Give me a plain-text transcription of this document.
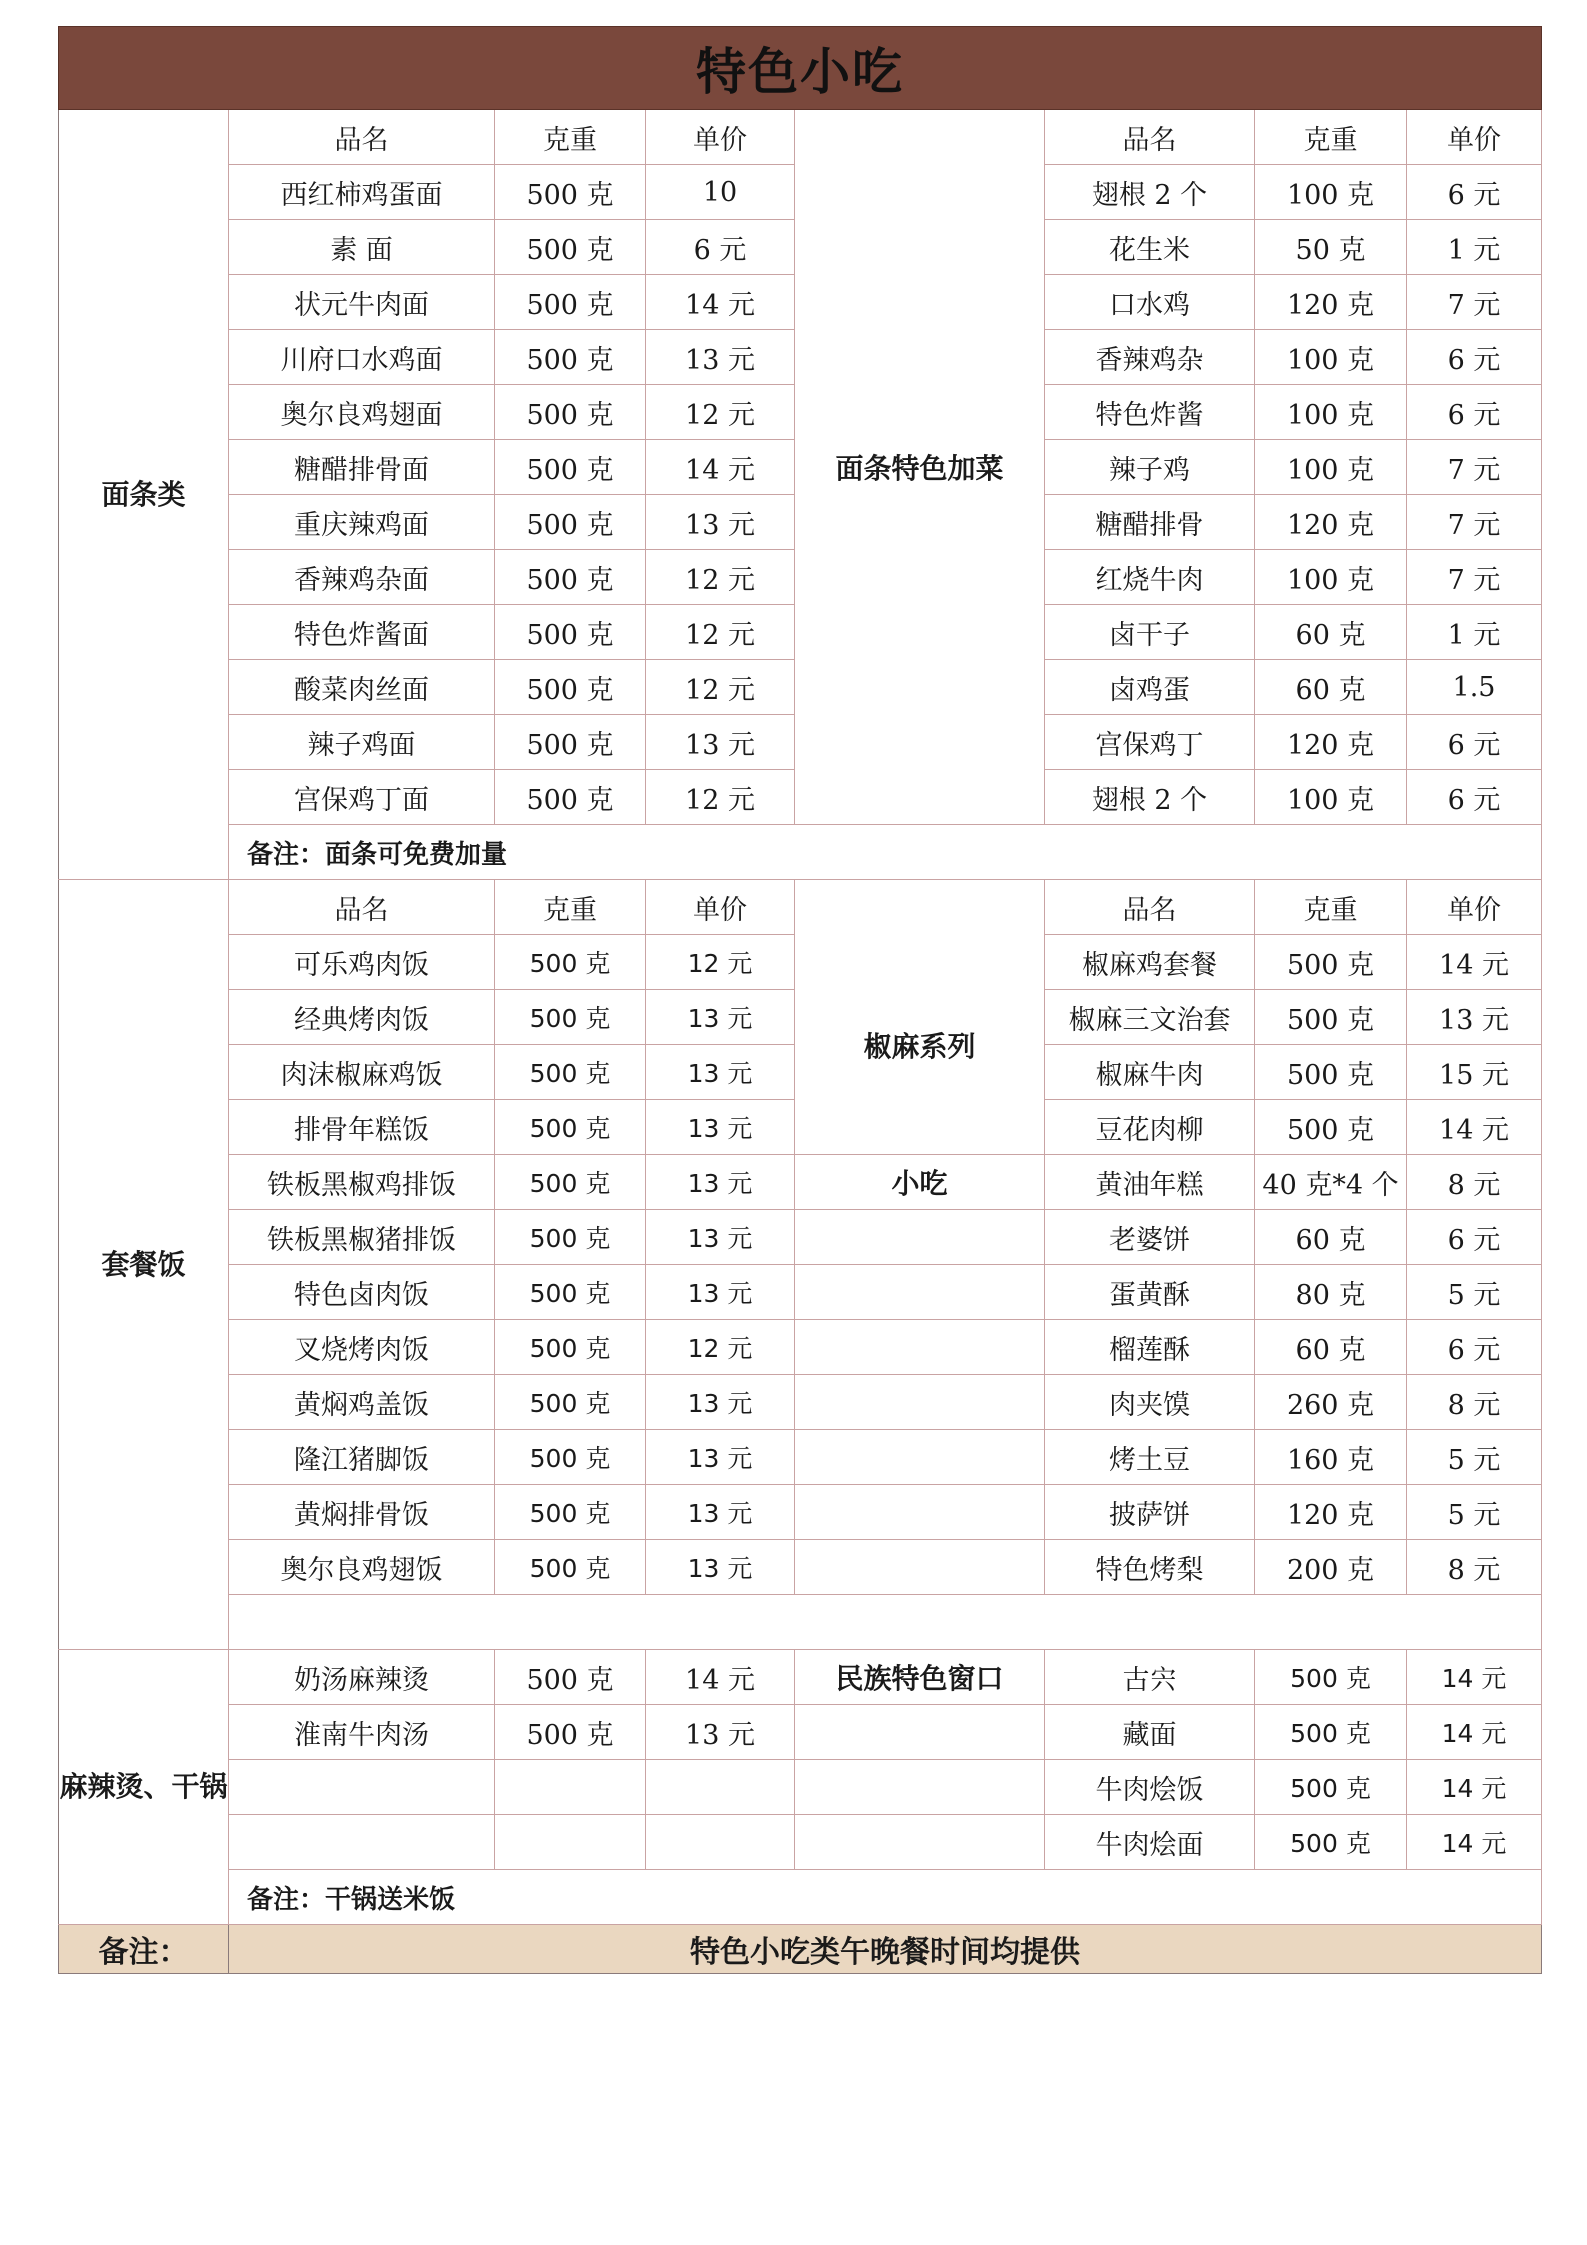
特色小吃							
面条类	品名	克重	单价	面条特色加菜	品名	克重	单价
	西红柿鸡蛋面	500 克	10		翅根 2 个	100 克	6 元
	素 面	500 克	6 元		花生米	50 克	1 元
	状元牛肉面	500 克	14 元		口水鸡	120 克	7 元
	川府口水鸡面	500 克	13 元		香辣鸡杂	100 克	6 元
	奥尔良鸡翅面	500 克	12 元		特色炸酱	100 克	6 元
	糖醋排骨面	500 克	14 元		辣子鸡	100 克	7 元
	重庆辣鸡面	500 克	13 元		糖醋排骨	120 克	7 元
	香辣鸡杂面	500 克	12 元		红烧牛肉	100 克	7 元
	特色炸酱面	500 克	12 元		卤干子	60 克	1 元
	酸菜肉丝面	500 克	12 元		卤鸡蛋	60 克	1.5
	辣子鸡面	500 克	13 元		宫保鸡丁	120 克	6 元
	宫保鸡丁面	500 克	12 元		翅根 2 个	100 克	6 元
	备注：面条可免费加量						
套餐饭	品名	克重	单价		品名	克重	单价
	可乐鸡肉饭	500 克	12 元	椒麻系列	椒麻鸡套餐	500 克	14 元
	经典烤肉饭	500 克	13 元		椒麻三文治套	500 克	13 元
	肉沫椒麻鸡饭	500 克	13 元		椒麻牛肉	500 克	15 元
	排骨年糕饭	500 克	13 元		豆花肉柳	500 克	14 元
	铁板黑椒鸡排饭	500 克	13 元	小吃	黄油年糕	40 克*4 个	8 元
	铁板黑椒猪排饭	500 克	13 元		老婆饼	60 克	6 元
	特色卤肉饭	500 克	13 元		蛋黄酥	80 克	5 元
	叉烧烤肉饭	500 克	12 元		榴莲酥	60 克	6 元
	黄焖鸡盖饭	500 克	13 元		肉夹馍	260 克	8 元
	隆江猪脚饭	500 克	13 元		烤土豆	160 克	5 元
	黄焖排骨饭	500 克	13 元		披萨饼	120 克	5 元
	奥尔良鸡翅饭	500 克	13 元		特色烤梨	200 克	8 元

麻辣烫、干锅	奶汤麻辣烫	500 克	14 元	民族特色窗口	古宍	500 克	14 元
	淮南牛肉汤	500 克	13 元		藏面	500 克	14 元
					牛肉烩饭	500 克	14 元
					牛肉烩面	500 克	14 元
	备注：干锅送米饭						
备注：	特色小吃类午晚餐时间均提供						
